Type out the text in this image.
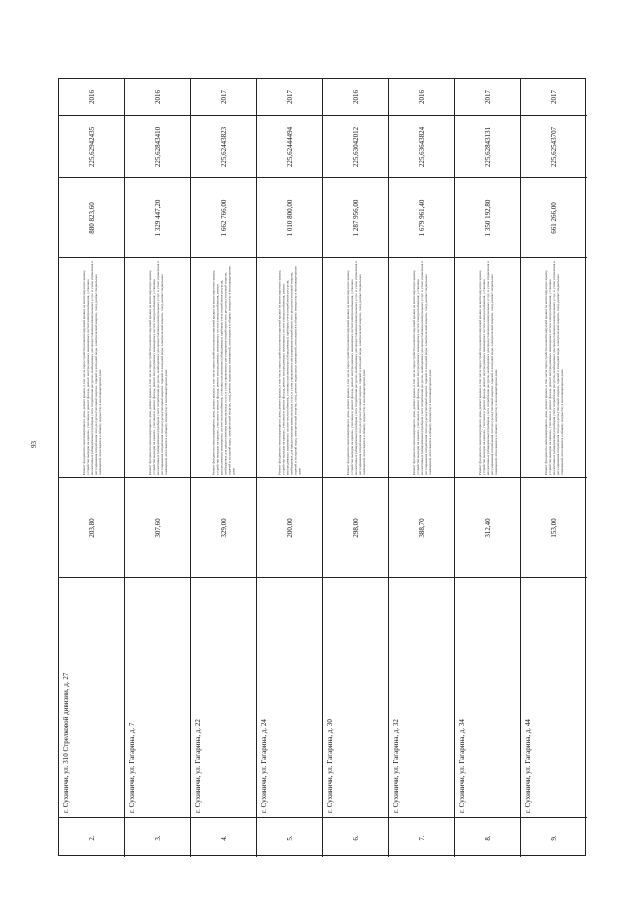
93
2.
г. Сухиничи, ул. 310 Стрелковой дивизии, д. 27
203,80
Ремонт фундамента многоквартирного дома, ремонт крыши, в том числе переустройство невентилируемой крыши на вентилируемую крышу, устройство выходов на кровлю, утепление и ремонт фасада, ремонт внутридомовых инженерных систем электроснабжения, установка коллективных (общедомовых) приборов учета потребления ресурсов, необходимых для предоставления коммунальных услуг, и узлов управления и регулирования потребления этих ресурсов (тепловой энергии, горячей и холодной воды, электрической энергии, газа), ремонт подвальных помещений, относящихся к общему имуществу в многоквартирном доме
880 823,60
225,62942435
2016
3.
г. Сухиничи, ул. Гагарина, д. 7
307,60
Ремонт фундамента многоквартирного дома, ремонт крыши, в том числе переустройство невентилируемой крыши на вентилируемую крышу, устройство выходов на кровлю, утепление и ремонт фасада, ремонт внутридомовых инженерных систем электроснабжения, установка коллективных (общедомовых) приборов учета потребления ресурсов, необходимых для предоставления коммунальных услуг, и узлов управления и регулирования потребления этих ресурсов (тепловой энергии, горячей и холодной воды, электрической энергии, газа), ремонт подвальных помещений, относящихся к общему имуществу в многоквартирном доме
1 329 447,20
225,62843410
2016
4.
г. Сухиничи, ул. Гагарина, д. 22
329,00
Ремонт фундамента многоквартирного дома, ремонт крыши, в том числе переустройство невентилируемой крыши на вентилируемую крышу, устройство выходов на кровлю, утепление и ремонт фасада, ремонт внутридомовых инженерных систем электроснабжения, ремонт внутридомовых инженерных систем теплоснабжения, установка коллективных (общедомовых) приборов учета потребления ресурсов, необходимых для предоставления коммунальных услуг, и узлов управления и регулирования потребления этих ресурсов (тепловой энергии, горячей и холодной воды, электрической энергии, газа), ремонт подвальных помещений, относящихся к общему имуществу в многоквартирном доме
1 662 766,00
225,62443823
2017
5.
г. Сухиничи, ул. Гагарина, д. 24
200,00
Ремонт фундамента многоквартирного дома, ремонт крыши, в том числе переустройство невентилируемой крыши на вентилируемую крышу, устройство выходов на кровлю, утепление и ремонт фасада, ремонт внутридомовых инженерных систем электроснабжения, ремонт внутридомовых инженерных систем теплоснабжения, установка коллективных (общедомовых) приборов учета потребления ресурсов, необходимых для предоставления коммунальных услуг, и узлов управления и регулирования потребления этих ресурсов (тепловой энергии, горячей и холодной воды, электрической энергии, газа), ремонт подвальных помещений, относящихся к общему имуществу в многоквартирном доме
1 010 800,00
225,62444494
2017
6.
г. Сухиничи, ул. Гагарина, д. 30
298,00
Ремонт фундамента многоквартирного дома, ремонт крыши, в том числе переустройство невентилируемой крыши на вентилируемую крышу, устройство выходов на кровлю, утепление и ремонт фасада, ремонт внутридомовых инженерных систем электроснабжения, установка коллективных (общедомовых) приборов учета потребления ресурсов, необходимых для предоставления коммунальных услуг, и узлов управления и регулирования потребления этих ресурсов (тепловой энергии, горячей и холодной воды, электрической энергии, газа), ремонт подвальных помещений, относящихся к общему имуществу в многоквартирном доме
1 287 956,00
225,63042012
2016
7.
г. Сухиничи, ул. Гагарина, д. 32
388,70
Ремонт фундамента многоквартирного дома, ремонт крыши, в том числе переустройство невентилируемой крыши на вентилируемую крышу, устройство выходов на кровлю, утепление и ремонт фасада, ремонт внутридомовых инженерных систем электроснабжения, установка коллективных (общедомовых) приборов учета потребления ресурсов, необходимых для предоставления коммунальных услуг, и узлов управления и регулирования потребления этих ресурсов (тепловой энергии, горячей и холодной воды, электрической энергии, газа), ремонт подвальных помещений, относящихся к общему имуществу в многоквартирном доме
1 679 961,40
225,63643824
2016
8.
г. Сухиничи, ул. Гагарина, д. 34
312,40
Ремонт фундамента многоквартирного дома, ремонт крыши, в том числе переустройство невентилируемой крыши на вентилируемую крышу, устройство выходов на кровлю, утепление и ремонт фасада, ремонт внутридомовых инженерных систем электроснабжения, установка коллективных (общедомовых) приборов учета потребления ресурсов, необходимых для предоставления коммунальных услуг, и узлов управления и регулирования потребления этих ресурсов (тепловой энергии, горячей и холодной воды, электрической энергии, газа), ремонт подвальных помещений, относящихся к общему имуществу в многоквартирном доме
1 350 192,80
225,62843131
2017
9.
г. Сухиничи, ул. Гагарина, д. 44
153,00
Ремонт фундамента многоквартирного дома, ремонт крыши, в том числе переустройство невентилируемой крыши на вентилируемую крышу, устройство выходов на кровлю, утепление и ремонт фасада, ремонт внутридомовых инженерных систем электроснабжения, установка коллективных (общедомовых) приборов учета потребления ресурсов, необходимых для предоставления коммунальных услуг, и узлов управления и регулирования потребления этих ресурсов (тепловой энергии, горячей и холодной воды, электрической энергии, газа), ремонт подвальных помещений, относящихся к общему имуществу в многоквартирном доме
661 266,00
225,62543707
2017
